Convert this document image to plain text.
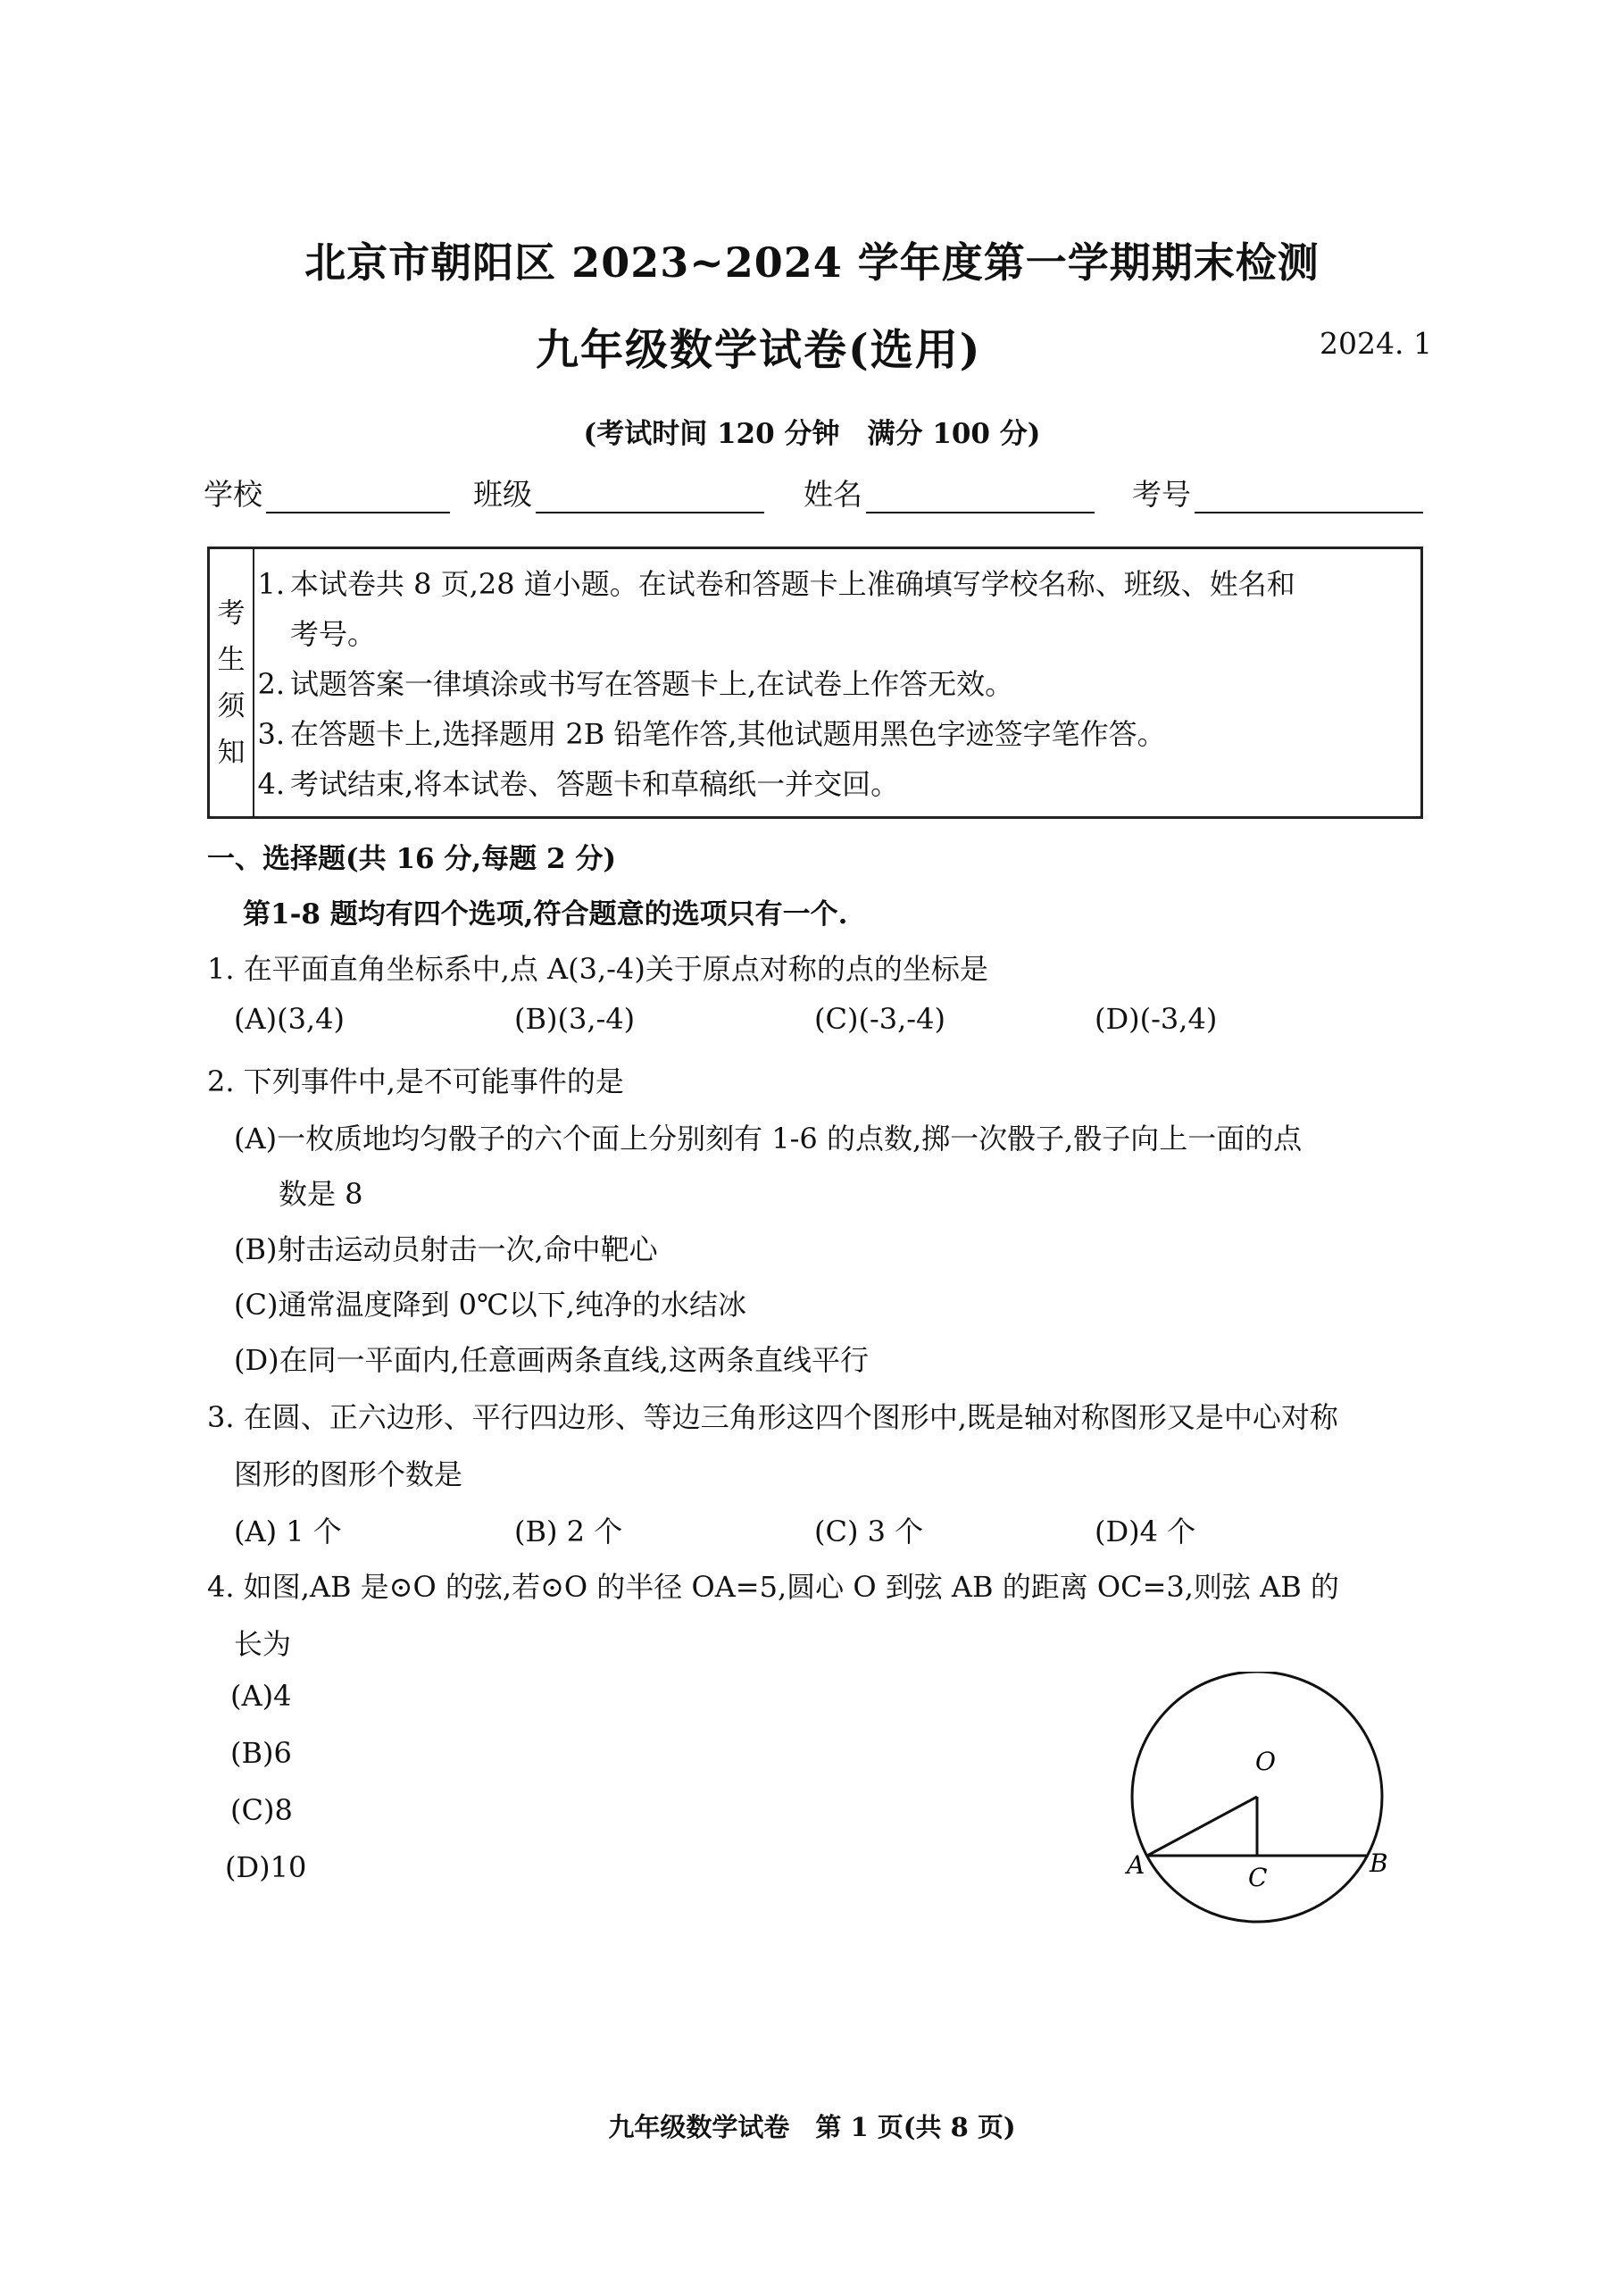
北京市朝阳区 2023~2024 学年度第一学期期末检测
九年级数学试卷(选用)	2024. 1
(考试时间 120 分钟　满分 100 分)
学校	班级	姓名	考号
考
生
须
知
1. 本试卷共 8 页,28 道小题。在试卷和答题卡上准确填写学校名称、班级、姓名和
考号。
2. 试题答案一律填涂或书写在答题卡上,在试卷上作答无效。
3. 在答题卡上,选择题用 2B 铅笔作答,其他试题用黑色字迹签字笔作答。
4. 考试结束,将本试卷、答题卡和草稿纸一并交回。
一、选择题(共 16 分,每题 2 分)
第1-8 题均有四个选项,符合题意的选项只有一个.
1. 在平面直角坐标系中,点 A(3,-4)关于原点对称的点的坐标是
(A)(3,4)	(B)(3,-4)	(C)(-3,-4)	(D)(-3,4)
2. 下列事件中,是不可能事件的是
(A)一枚质地均匀骰子的六个面上分别刻有 1-6 的点数,掷一次骰子,骰子向上一面的点
数是 8
(B)射击运动员射击一次,命中靶心
(C)通常温度降到 0℃以下,纯净的水结冰
(D)在同一平面内,任意画两条直线,这两条直线平行
3. 在圆、正六边形、平行四边形、等边三角形这四个图形中,既是轴对称图形又是中心对称
图形的图形个数是
(A) 1 个	(B) 2 个	(C) 3 个	(D)4 个
4. 如图,AB 是⊙O 的弦,若⊙O 的半径 OA=5,圆心 O 到弦 AB 的距离 OC=3,则弦 AB 的
长为
(A)4
(B)6
(C)8
(D)10
O
A	B
C
九年级数学试卷　第 1 页(共 8 页)
